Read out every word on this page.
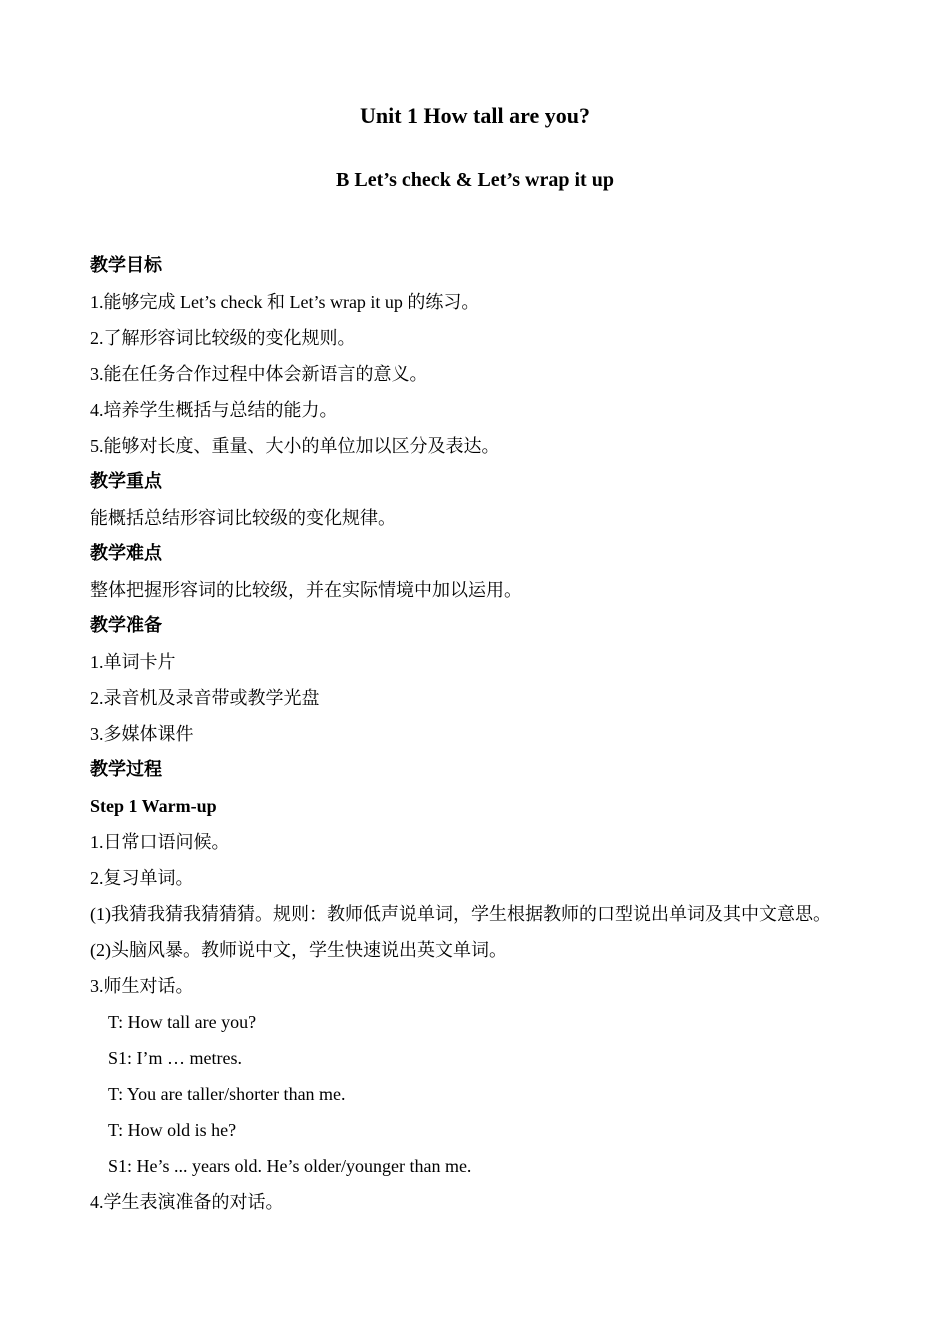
Unit 1 How tall are you?
B Let’s check & Let’s wrap it up
教学目标
1.能够完成 Let’s check 和 Let’s wrap it up 的练习。
2.了解形容词比较级的变化规则。
3.能在任务合作过程中体会新语言的意义。
4.培养学生概括与总结的能力。
5.能够对长度、重量、大小的单位加以区分及表达。
教学重点
能概括总结形容词比较级的变化规律。
教学难点
整体把握形容词的比较级，并在实际情境中加以运用。
教学准备
1.单词卡片
2.录音机及录音带或教学光盘
3.多媒体课件
教学过程
Step 1 Warm-up
1.日常口语问候。
2.复习单词。
(1)我猜我猜我猜猜猜。规则：教师低声说单词，学生根据教师的口型说出单词及其中文意思。
(2)头脑风暴。教师说中文，学生快速说出英文单词。
3.师生对话。
T: How tall are you?
S1: I’m … metres.
T: You are taller/shorter than me.
T: How old is he?
S1: He’s ... years old. He’s older/younger than me.
4.学生表演准备的对话。
